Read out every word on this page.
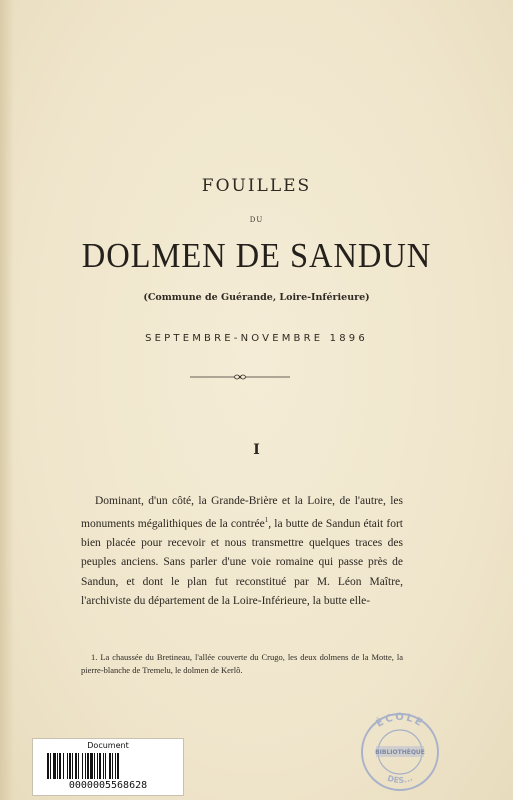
FOUILLES
DU
DOLMEN DE SANDUN
(Commune de Guérande, Loire-Inférieure)
SEPTEMBRE-NOVEMBRE 1896
I

Dominant, d'un côté, la Grande-Brière et la Loire, de l'autre, les monuments mégalithiques de la contrée$^1$, la butte de Sandun était fort bien placée pour recevoir et nous transmettre quelques traces des peuples anciens. Sans parler d'une voie romaine qui passe près de Sandun, et dont le plan fut reconstitué par M. Léon Maître, l'archiviste du département de la Loire-Inférieure, la butte elle-

1. La chaussée du Bretineau, l'allée couverte du Crugo, les deux dolmens de la Motte, la pierre-blanche de Tremelu, le dolmen de Kerlô.

Document
0000005568628
ÉCOLE
BIBLIOTHÈQUE
DES...
